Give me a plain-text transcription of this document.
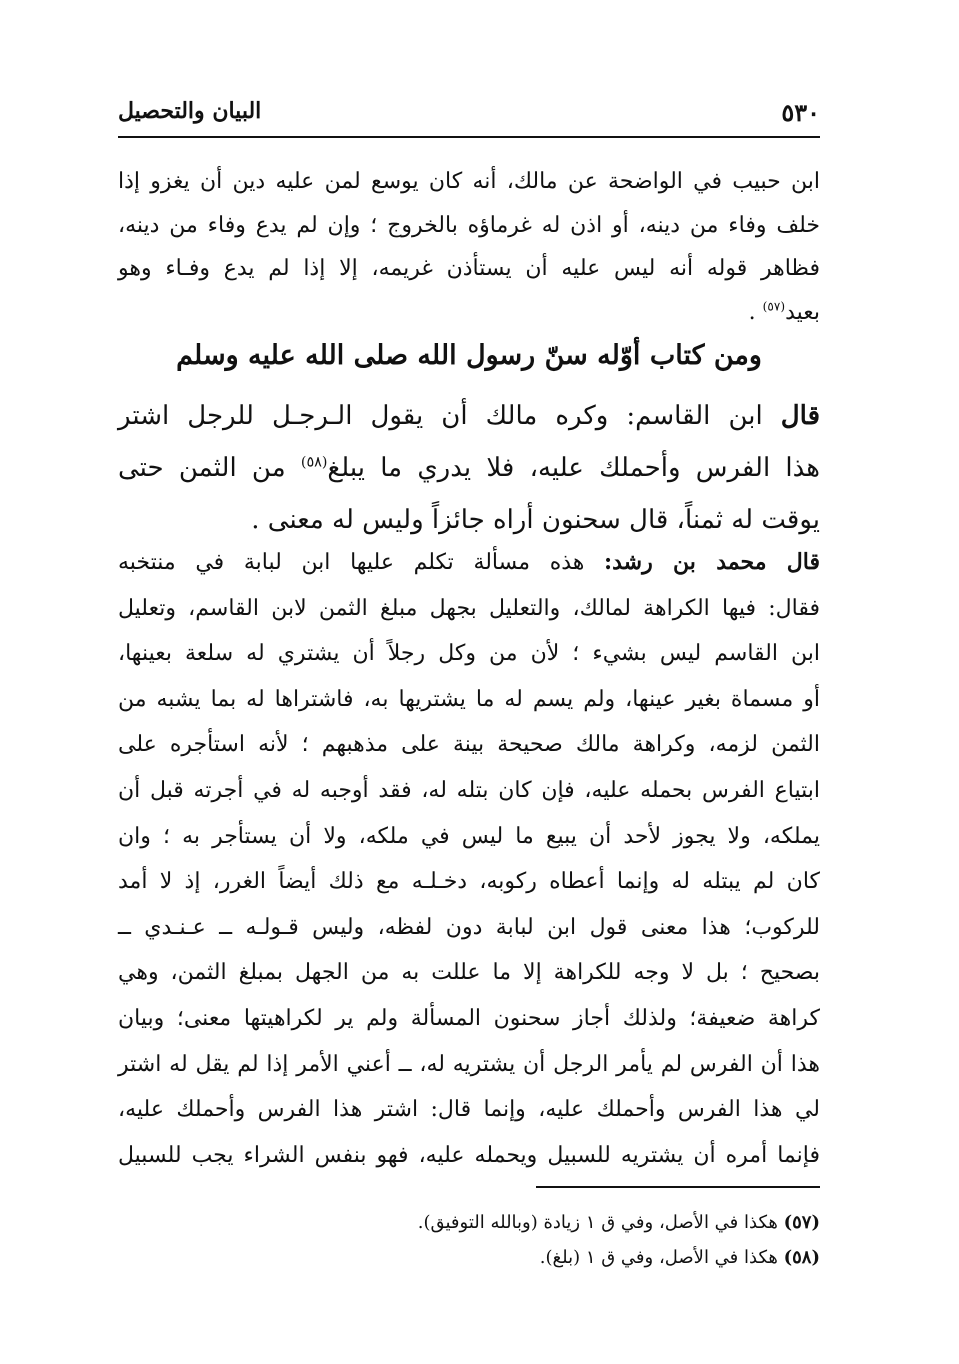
٥٣٠
البيان والتحصيل
ابن حبيب في الواضحة عن مالك، أنه كان يوسع لمن عليه دين أن يغزو إذا
خلف وفاء من دينه، أو اذن له غرماؤه بالخروج ؛ وإن لم يدع وفاء من دينه،
فظاهر قوله أنه ليس عليه أن يستأذن غريمه، إلا إذا لم يدع وفـاء وهو
بعيد$^{(٥٧)}$ .
ومن كتاب أوّله سنّ رسول الله صلى الله عليه وسلم
قال ابن القاسم: وكره مالك أن يقول الـرجـل للرجل اشتر
هذا الفرس وأحملك عليه، فلا يدري ما يبلغ$^{(٥٨)}$ من الثمن حتى
يوقت له ثمناً، قال سحنون أراه جائزاً وليس له معنى .
قال محمد بن رشد: هذه مسألة تكلم عليها ابن لبابة في منتخبه
فقال: فيها الكراهة لمالك، والتعليل بجهل مبلغ الثمن لابن القاسم، وتعليل
ابن القاسم ليس بشيء ؛ لأن من وكل رجلاً أن يشتري له سلعة بعينها،
أو مسماة بغير عينها، ولم يسم له ما يشتريها به، فاشتراها له بما يشبه من
الثمن لزمه، وكراهة مالك صحيحة بينة على مذهبهم ؛ لأنه استأجره على
ابتياع الفرس بحمله عليه، فإن كان بتله له، فقد أوجبه له في أجرته قبل أن
يملكه، ولا يجوز لأحد أن يبيع ما ليس في ملكه، ولا أن يستأجر به ؛ وان
كان لم يبتله له وإنما أعطاه ركوبه، دخـلـه مع ذلك أيضاً الغرر، إذ لا أمد
للركوب؛ هذا معنى قول ابن لبابة دون لفظه، وليس قـولـه ــ عـنـدي ــ
بصحيح ؛ بل لا وجه للكراهة إلا ما عللت به من الجهل بمبلغ الثمن، وهي
كراهة ضعيفة؛ ولذلك أجاز سحنون المسألة ولم ير لكراهيتها معنى؛ وبيان
هذا أن الفرس لم يأمر الرجل أن يشتريه له، ــ أعني الأمر إذا لم يقل له اشتر
لي هذا الفرس وأحملك عليه، وإنما قال: اشتر هذا الفرس وأحملك عليه،
فإنما أمره أن يشتريه للسبيل ويحمله عليه، فهو بنفس الشراء يجب للسبيل
(٥٧) هكذا في الأصل، وفي ق ١ زيادة (وبالله التوفيق).
(٥٨) هكذا في الأصل، وفي ق ١ (بلغ).
